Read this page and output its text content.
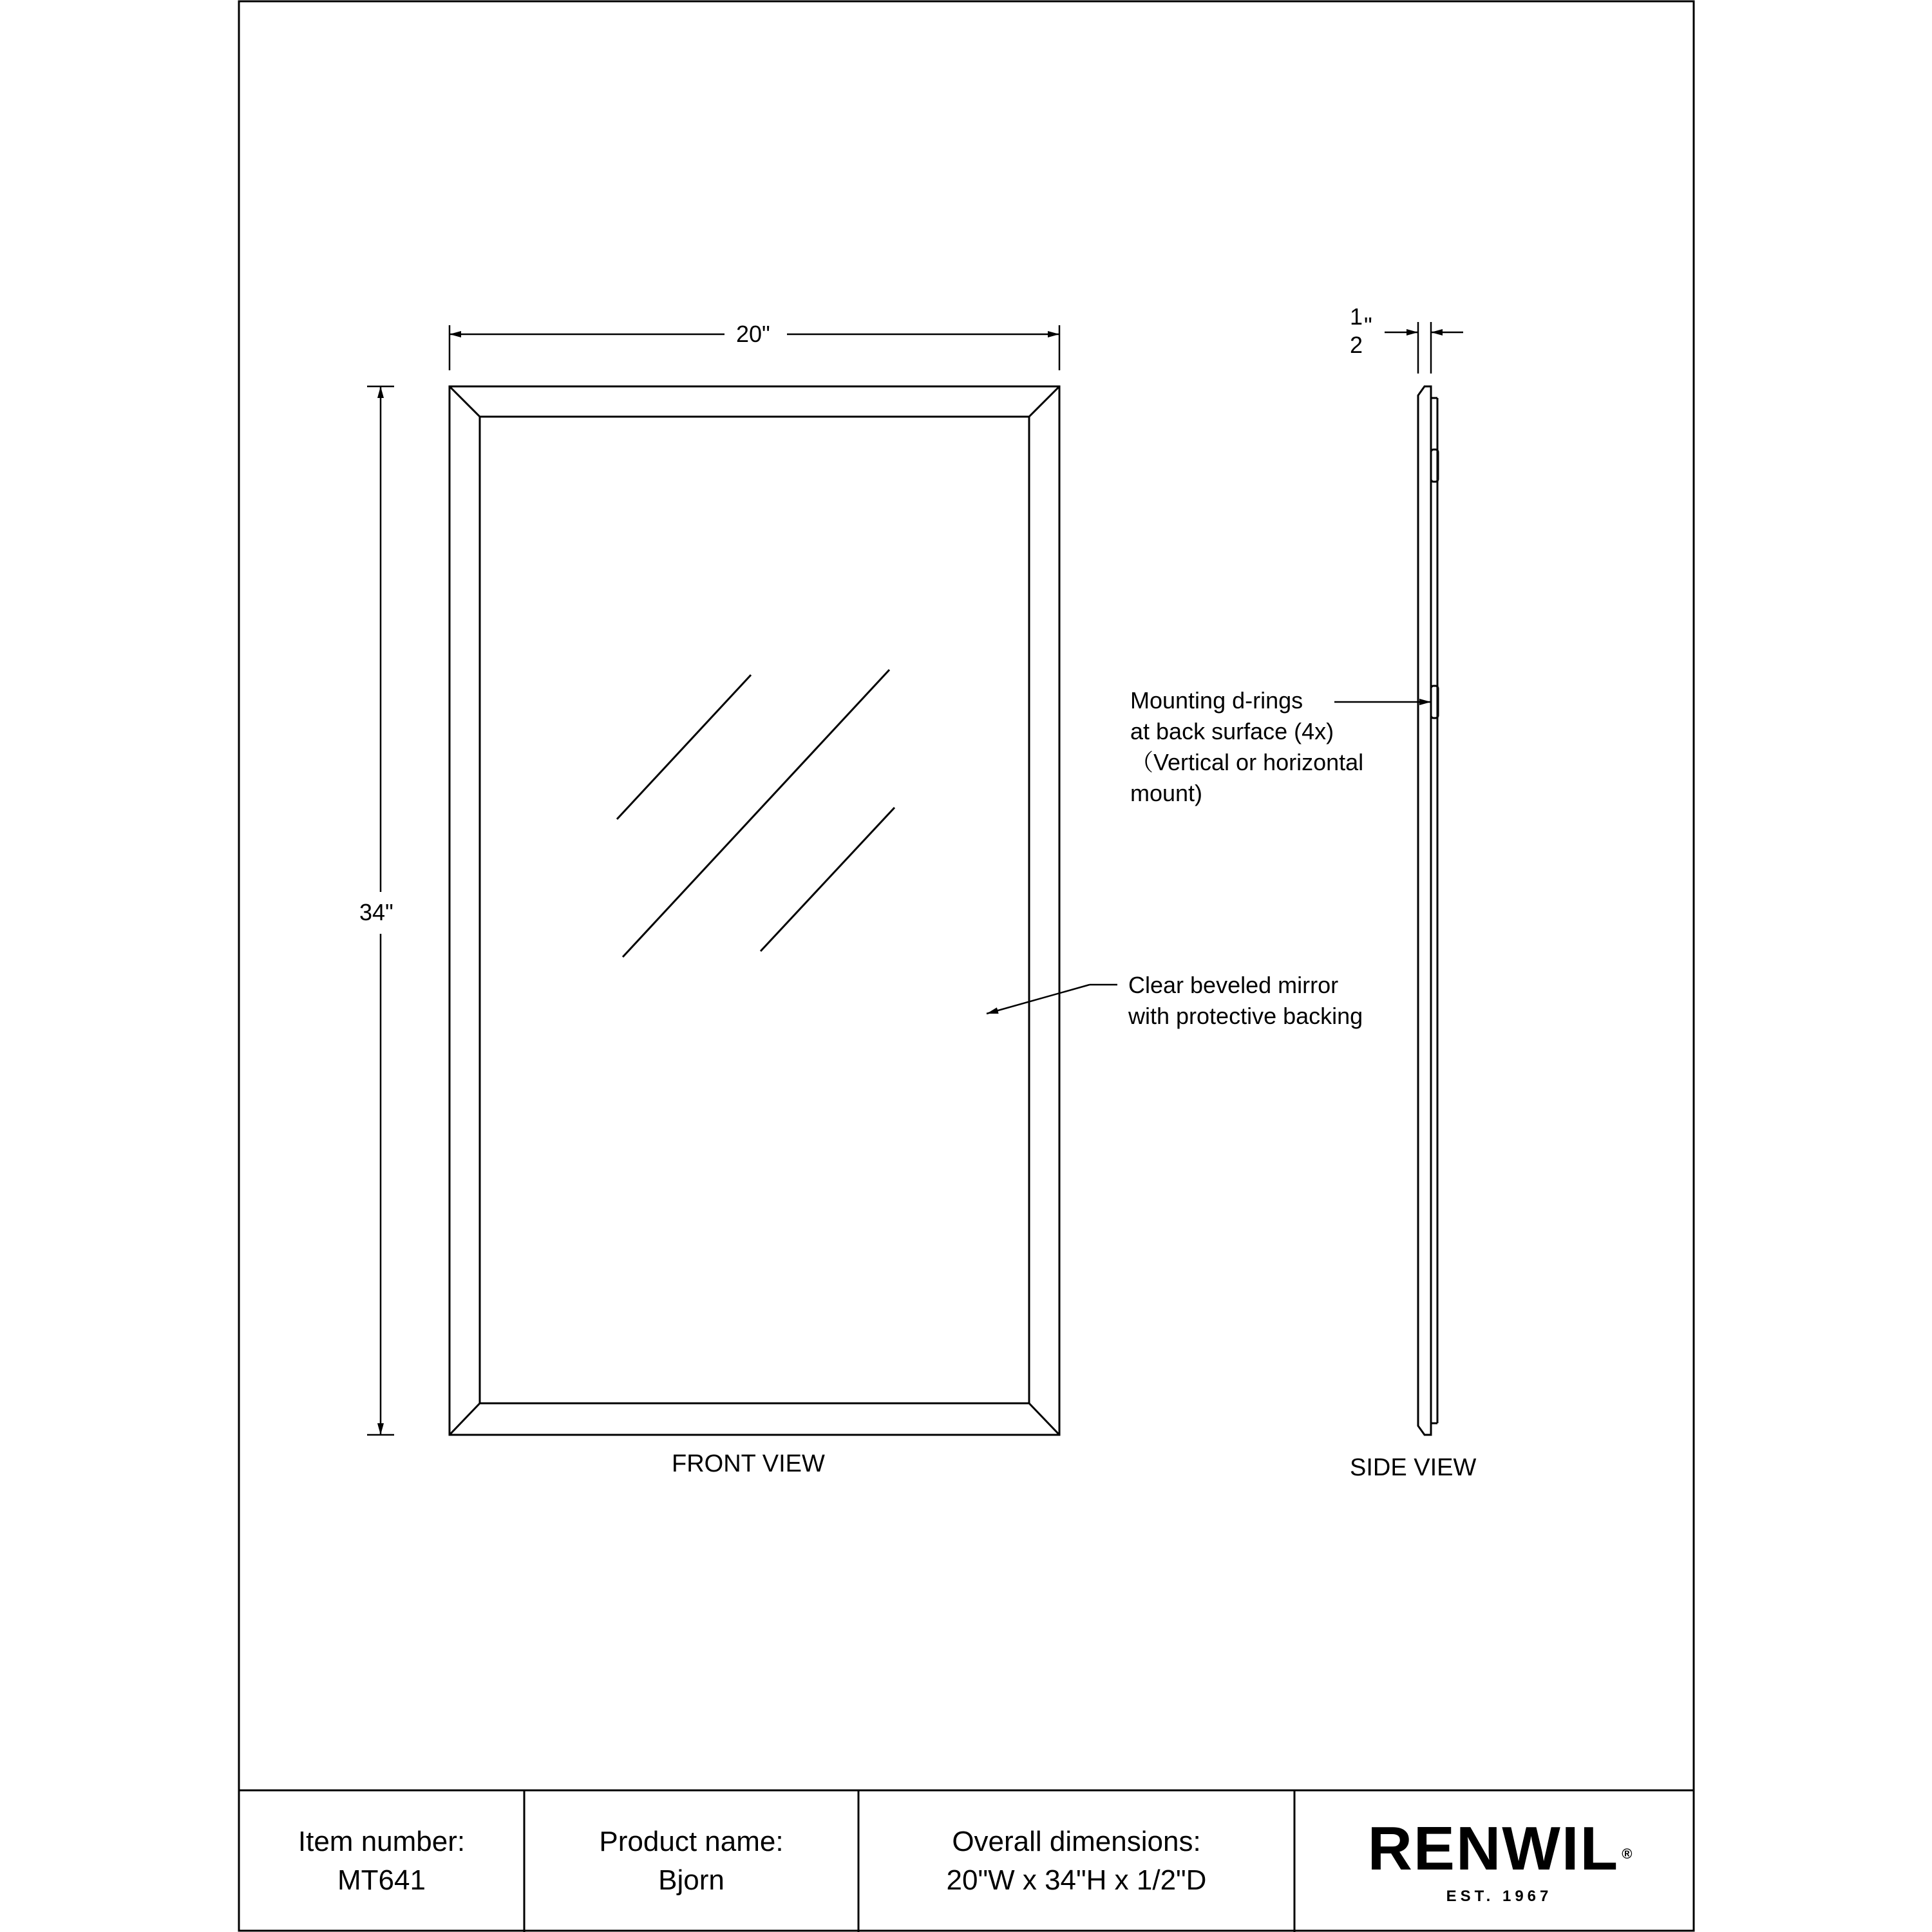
20"
34"
1 "
2
Mounting d-rings
at back surface (4x)
（Vertical or horizontal
mount)
Clear beveled mirror
with protective backing
FRONT VIEW	SIDE VIEW
Item number:
MT641
Product name:
Bjorn
Overall dimensions:
20"W x 34"H x 1/2"D	RENWIL ®
EST. 1967
